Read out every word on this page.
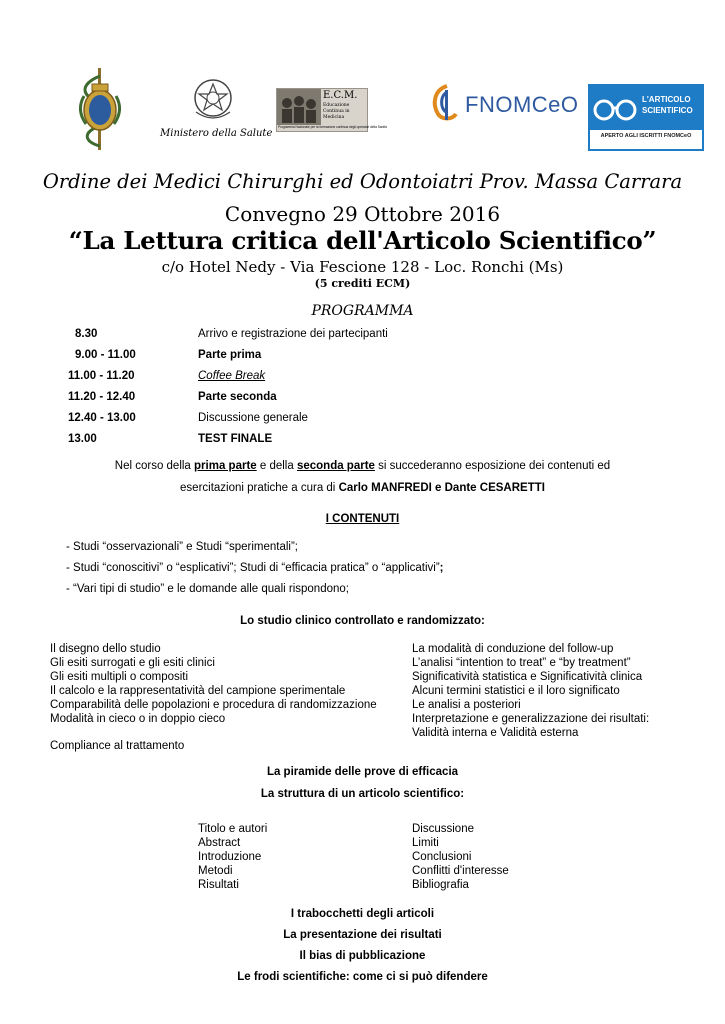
Ministero della Salute
E.C.M.
Educazione Continua in Medicina
Programma Nazionale per la formazione continua degli operatori della Sanità
FNOMCeO	L'ARTICOLO
SCIENTIFICO
APERTO AGLI ISCRITTI FNOMCeO
Ordine dei Medici Chirurghi ed Odontoiatri Prov. Massa Carrara
Convegno 29 Ottobre 2016
“La Lettura critica dell'Articolo Scientifico”
c/o Hotel Nedy - Via Fescione 128 - Loc. Ronchi (Ms)
(5 crediti ECM)
PROGRAMMA
8.30	Arrivo e registrazione dei partecipanti
9.00 - 11.00	Parte prima
11.00 - 11.20	Coffee Break
11.20 - 12.40	Parte seconda
12.40 - 13.00	Discussione generale
13.00	TEST FINALE
Nel corso della prima parte e della seconda parte si succederanno esposizione dei contenuti ed
esercitazioni pratiche a cura di Carlo MANFREDI e Dante CESARETTI
I CONTENUTI
- Studi “osservazionali” e Studi “sperimentali”;
- Studi “conoscitivi” o “esplicativi”; Studi di “efficacia pratica” o “applicativi”;
- “Vari tipi di studio” e le domande alle quali rispondono;
Lo studio clinico controllato e randomizzato:
Il disegno dello studio
Gli esiti surrogati e gli esiti clinici
Gli esiti multipli o compositi
Il calcolo e la rappresentatività del campione sperimentale
Comparabilità delle popolazioni e procedura di randomizzazione
Modalità in cieco o in doppio cieco
Compliance al trattamento
La modalità di conduzione del follow-up
L’analisi “intention to treat” e “by treatment”
Significatività statistica e Significatività clinica
Alcuni termini statistici e il loro significato
Le analisi a posteriori
Interpretazione e generalizzazione dei risultati:
Validità interna e Validità esterna
La piramide delle prove di efficacia
La struttura di un articolo scientifico:
Titolo e autori
Abstract
Introduzione
Metodi
Risultati
Discussione
Limiti
Conclusioni
Conflitti d'interesse
Bibliografia
I trabocchetti degli articoli
La presentazione dei risultati
Il bias di pubblicazione
Le frodi scientifiche: come ci si può difendere
